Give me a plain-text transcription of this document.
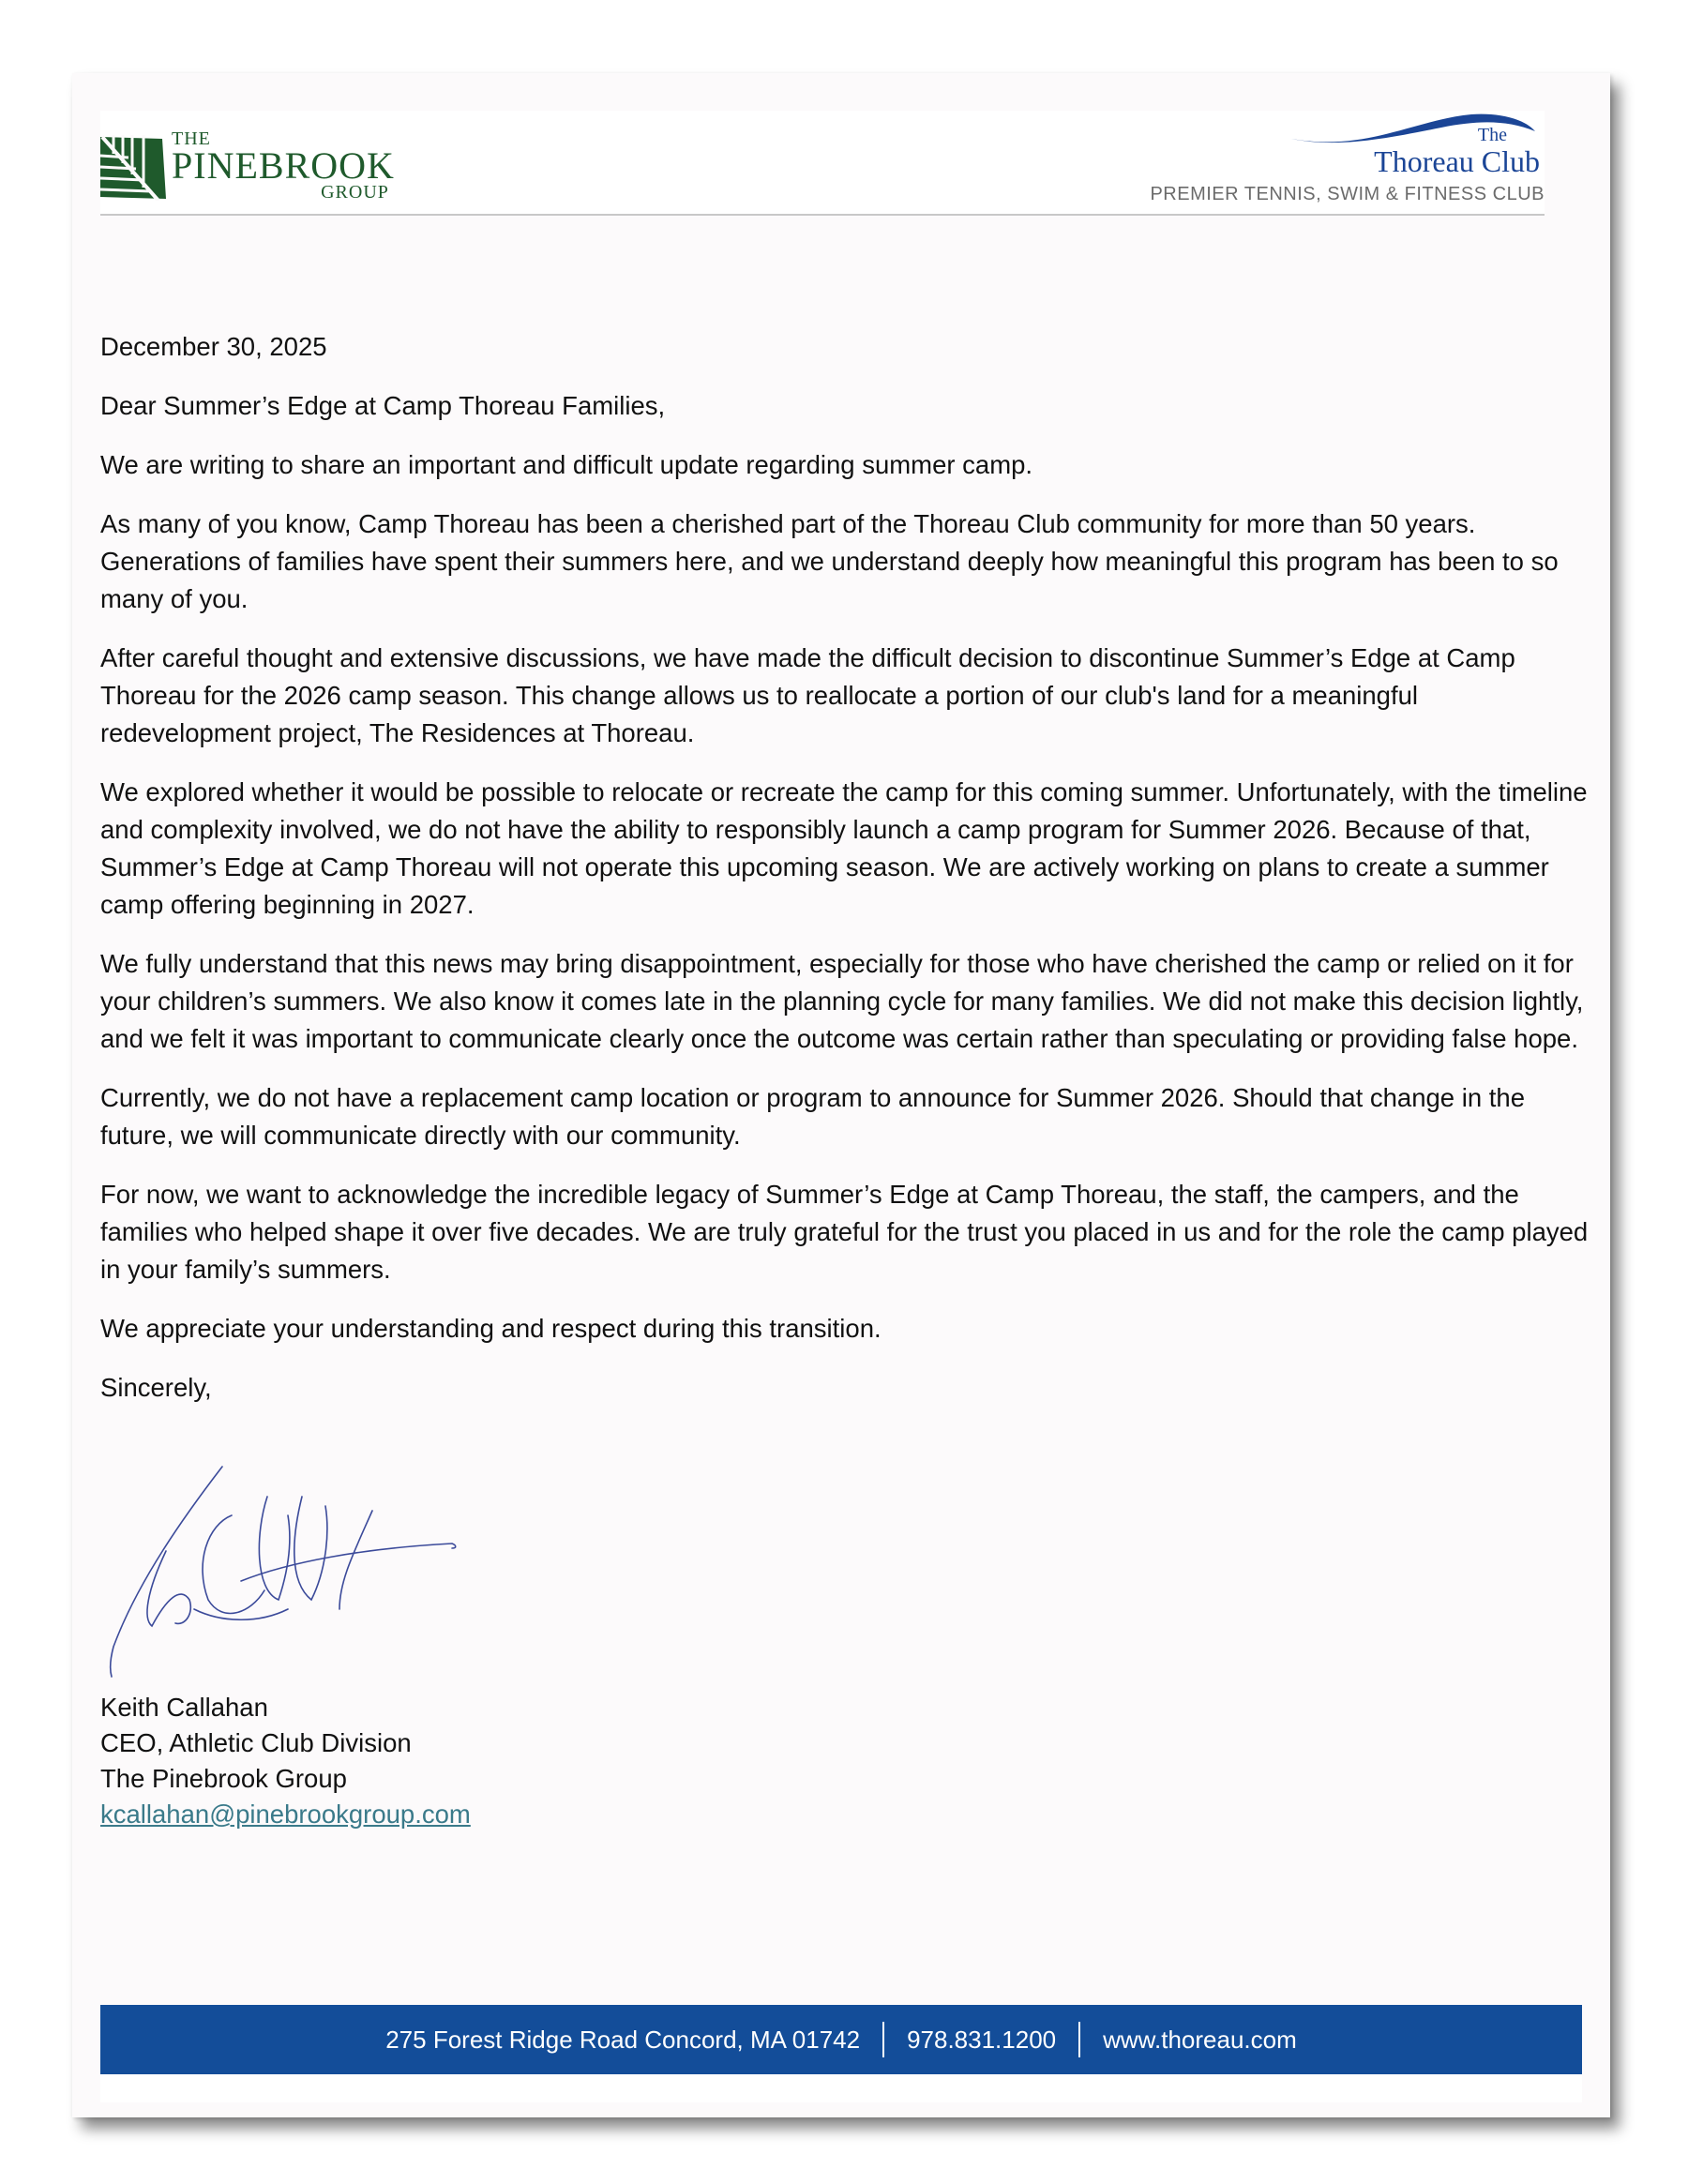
THE
PINEBROOK
GROUP
The
Thoreau Club
PREMIER TENNIS, SWIM & FITNESS CLUB

December 30, 2025

Dear Summer’s Edge at Camp Thoreau Families,

We are writing to share an important and difficult update regarding summer camp.

As many of you know, Camp Thoreau has been a cherished part of the Thoreau Club community for more than 50 years. Generations of families have spent their summers here, and we understand deeply how meaningful this program has been to so many of you.

After careful thought and extensive discussions, we have made the difficult decision to discontinue Summer’s Edge at Camp Thoreau for the 2026 camp season. This change allows us to reallocate a portion of our club's land for a meaningful redevelopment project, The Residences at Thoreau.

We explored whether it would be possible to relocate or recreate the camp for this coming summer. Unfortunately, with the timeline and complexity involved, we do not have the ability to responsibly launch a camp program for Summer 2026. Because of that, Summer’s Edge at Camp Thoreau will not operate this upcoming season. We are actively working on plans to create a summer camp offering beginning in 2027.

We fully understand that this news may bring disappointment, especially for those who have cherished the camp or relied on it for your children’s summers. We also know it comes late in the planning cycle for many families. We did not make this decision lightly, and we felt it was important to communicate clearly once the outcome was certain rather than speculating or providing false hope.

Currently, we do not have a replacement camp location or program to announce for Summer 2026. Should that change in the future, we will communicate directly with our community.

For now, we want to acknowledge the incredible legacy of Summer’s Edge at Camp Thoreau, the staff, the campers, and the families who helped shape it over five decades. We are truly grateful for the trust you placed in us and for the role the camp played in your family’s summers.

We appreciate your understanding and respect during this transition.

Sincerely,

Keith Callahan
CEO, Athletic Club Division
The Pinebrook Group
kcallahan@pinebrookgroup.com
275 Forest Ridge Road Concord, MA 01742 978.831.1200 www.thoreau.com
